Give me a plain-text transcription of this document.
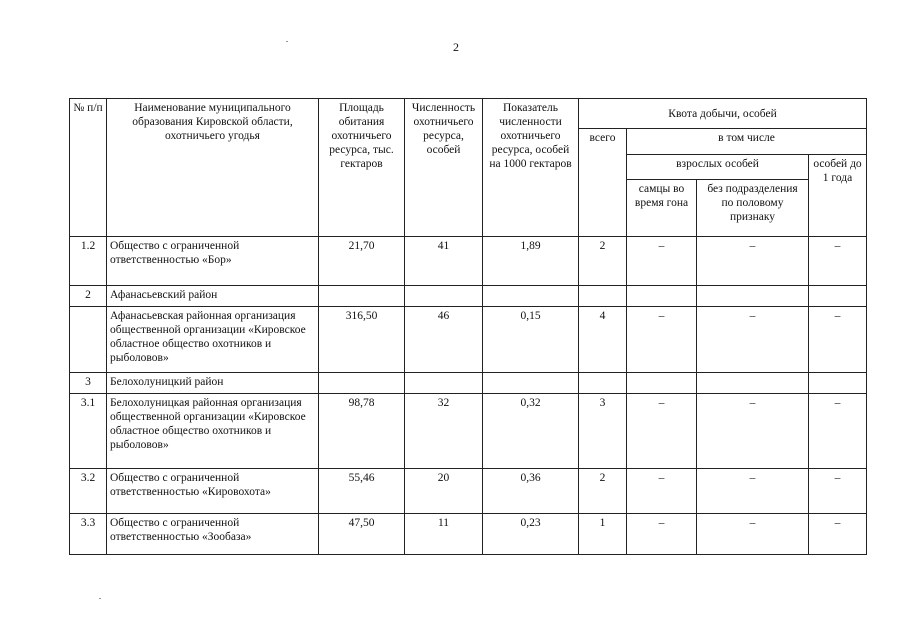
2
№ п/п	Наименование муниципального образования Кировской области, охотничьего угодья	Площадь обитания охотничьего ресурса, тыс. гектаров	Численность охотничьего ресурса, особей	Показатель численности охотничьего ресурса, особей на 1000 гектаров	Квота добычи, особей			
					всего	в том числе		
						взрослых особей		особей до 1 года
						самцы во время гона	без подразделения по половому признаку	
1.2	Общество с ограниченной ответственностью «Бор»	21,70	41	1,89	2	–	–	–
2	Афанасьевский район							
	Афанасьевская районная организация общественной организации «Кировское областное общество охотников и рыболовов»	316,50	46	0,15	4	–	–	–
3	Белохолуницкий район							
3.1	Белохолуницкая районная организация общественной организации «Кировское областное общество охотников и рыболовов»	98,78	32	0,32	3	–	–	–
3.2	Общество с ограниченной ответственностью «Кировохота»	55,46	20	0,36	2	–	–	–
3.3	Общество с ограниченной ответственностью «Зообаза»	47,50	11	0,23	1	–	–	–
